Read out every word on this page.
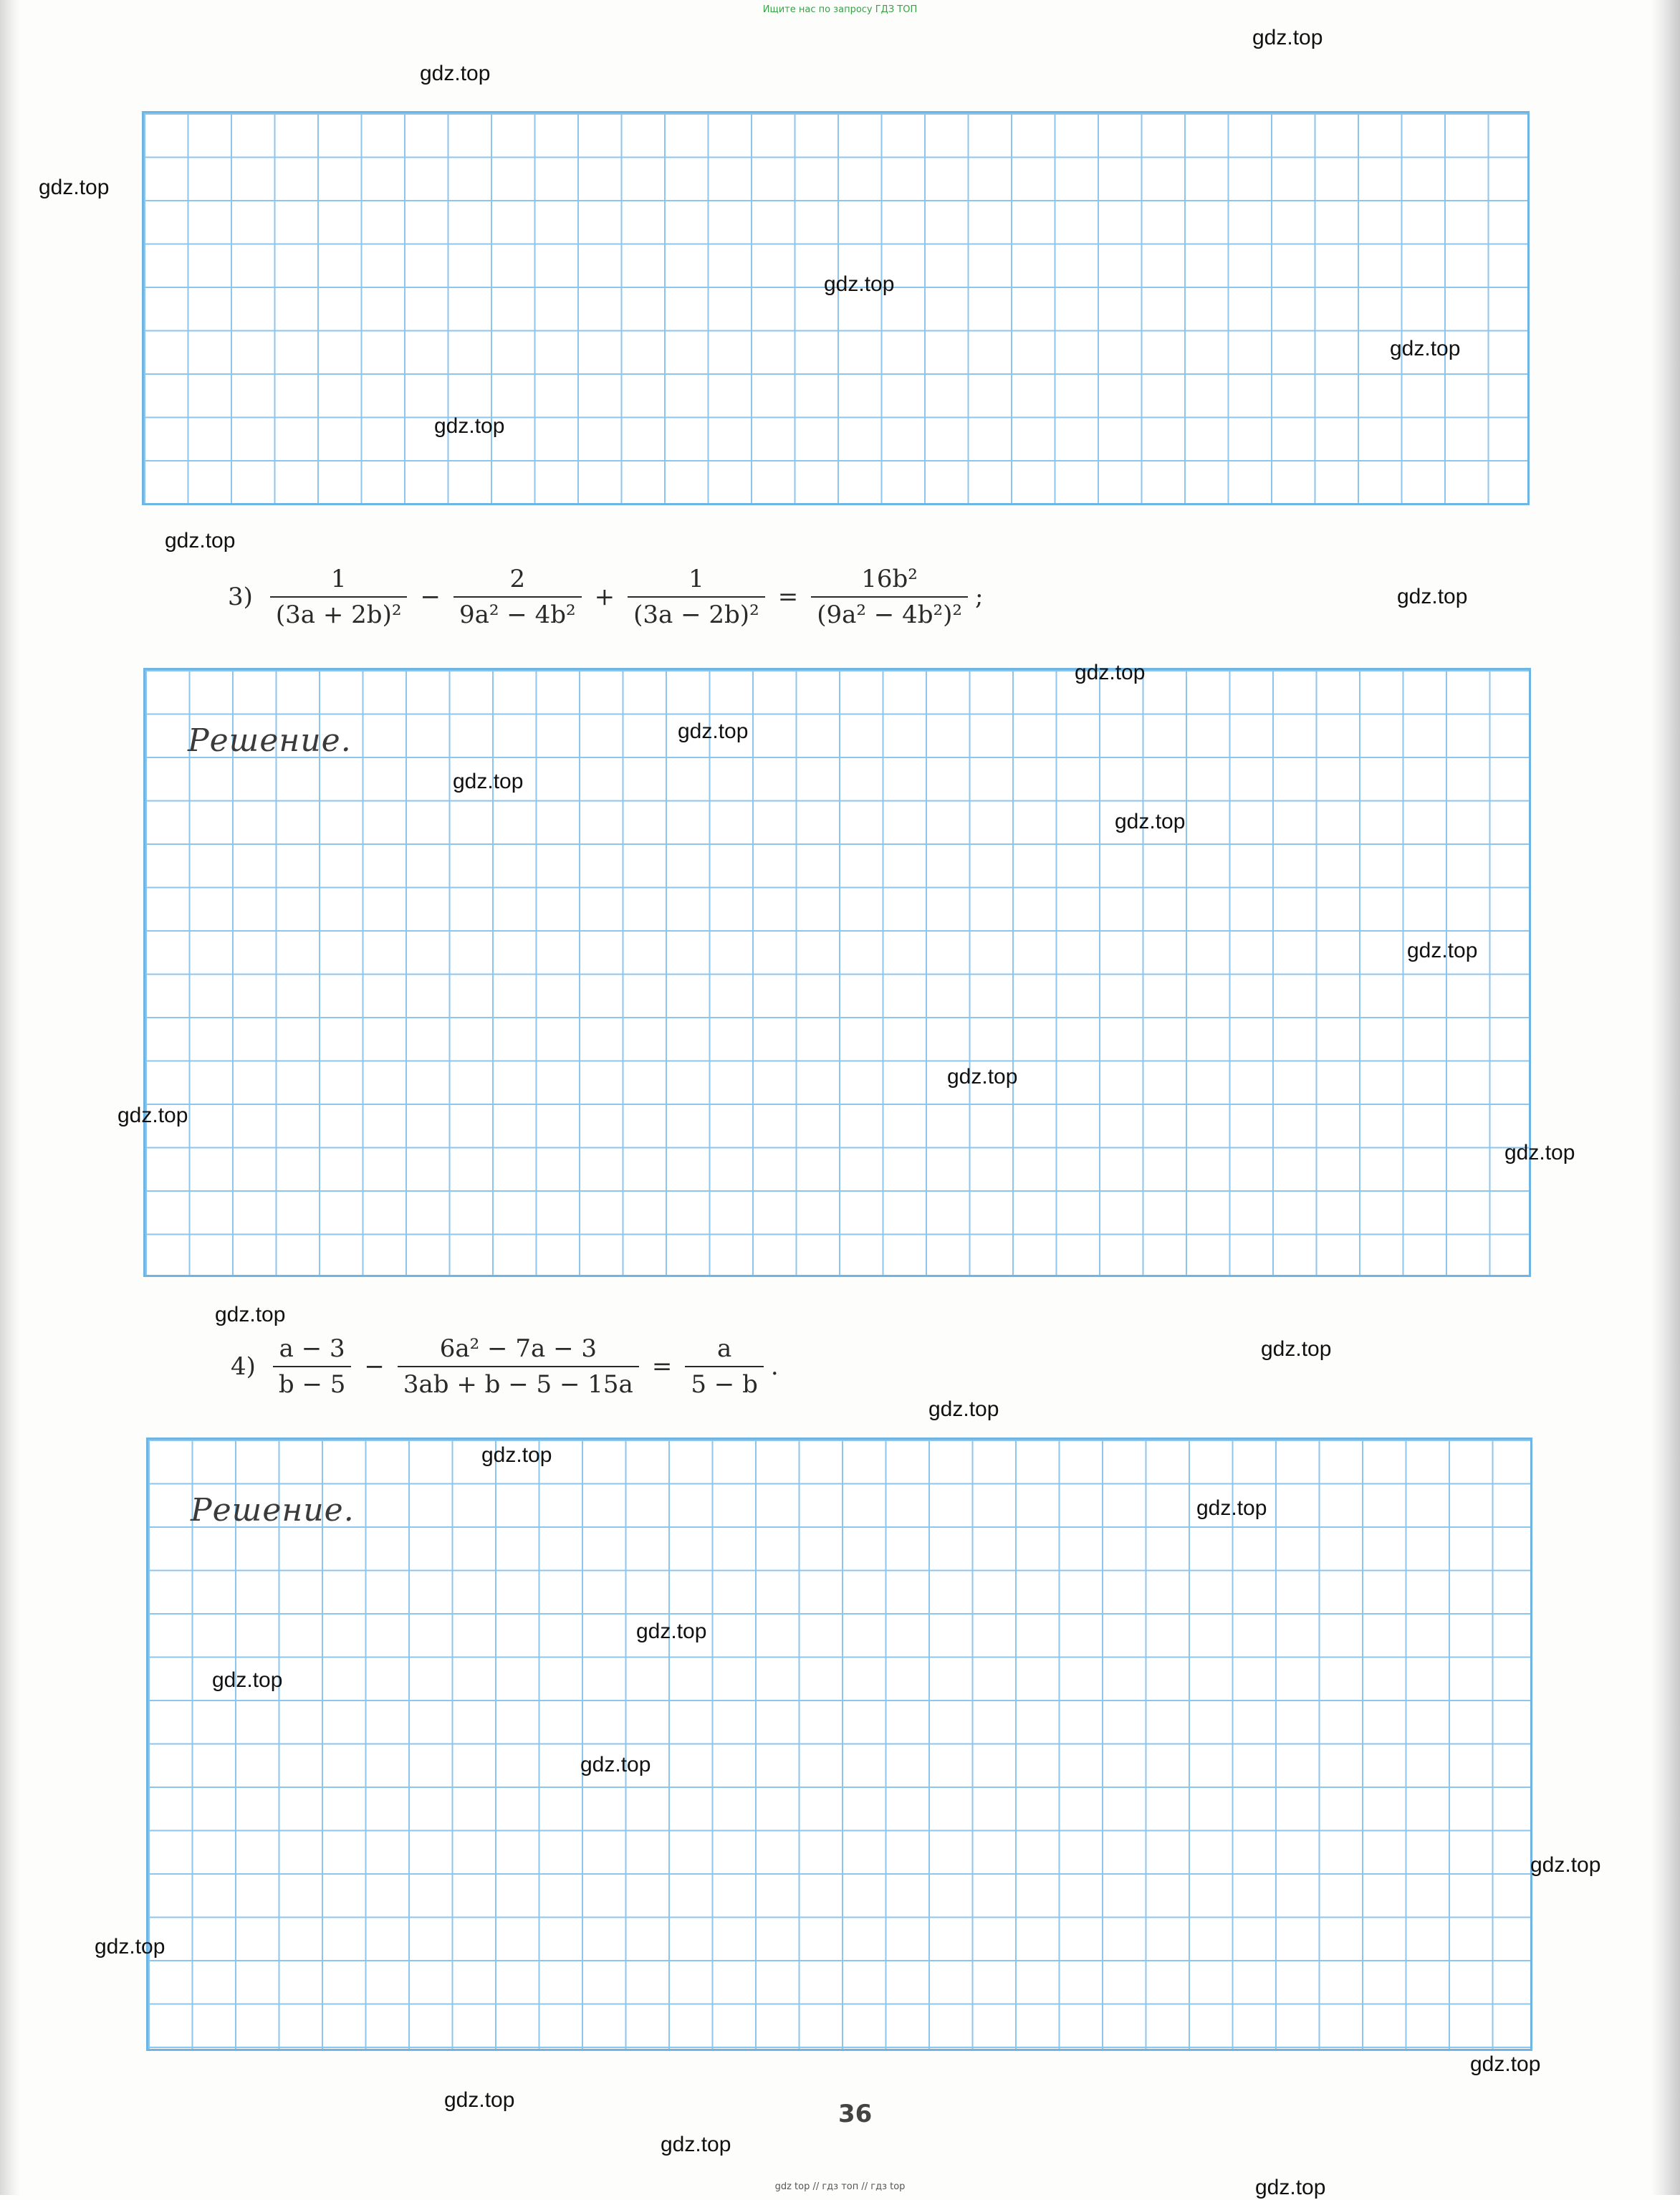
Ищите нас по запросу ГДЗ ТОП
$3) \frac{1}{\text{(3a + 2b)²}} - \frac{2}{\text{9a² − 4b²}} + \frac{1}{\text{(3a − 2b)²}} = \frac{\text{16b²}}{\text{(9a² − 4b²)²}}$ ;
Решение.
$4) \frac{a - 3}{b - 5} - \frac{\text{6a² − 7a − 3}}{3ab + b - 5 - 15a} = \frac{a}{5 - b}$ .
Решение.
36
gdz.top
gdz.top
gdz.top
gdz.top
gdz.top
gdz.top
gdz.top
gdz.top
gdz.top
gdz.top
gdz.top
gdz.top
gdz.top
gdz.top
gdz.top
gdz.top
gdz.top
gdz.top
gdz.top
gdz.top
gdz.top
gdz.top
gdz.top
gdz.top
gdz.top
gdz.top
gdz.top
gdz.top
gdz.top
gdz.top
gdz top // гдз топ // гдз top
